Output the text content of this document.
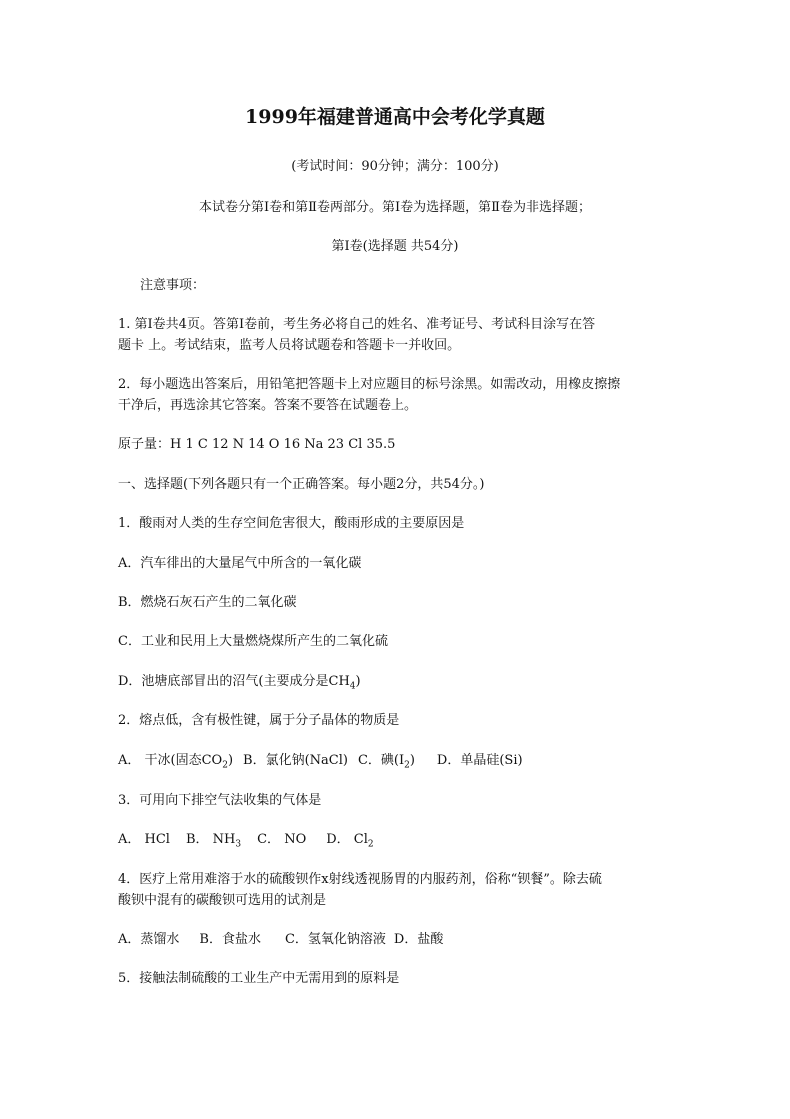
1999年福建普通高中会考化学真题
(考试时间：90分钟；满分：100分)
本试卷分第Ⅰ卷和第Ⅱ卷两部分。第Ⅰ卷为选择题，第Ⅱ卷为非选择题；
第Ⅰ卷(选择题 共54分)
注意事项：
1. 第Ⅰ卷共4页。答第Ⅰ卷前，考生务必将自己的姓名、准考证号、考试科目涂写在答
题卡 上。考试结束，监考人员将试题卷和答题卡一并收回。
2．每小题选出答案后，用铅笔把答题卡上对应题目的标号涂黑。如需改动，用橡皮擦擦
干净后，再选涂其它答案。答案不要答在试题卷上。
原子量：H 1 C 12 N 14 O 16 Na 23 Cl 35.5
一、选择题(下列各题只有一个正确答案。每小题2分，共54分。)
1．酸雨对人类的生存空间危害很大，酸雨形成的主要原因是
A．汽车徘出的大量尾气中所含的一氧化碳
B．燃烧石灰石产生的二氧化碳
C．工业和民用上大量燃烧煤所产生的二氧化硫
D．池塘底部冒出的沼气(主要成分是$CH_4$)
2．熔点低，含有极性键，属于分子晶体的物质是
A． 干冰(固态$CO_2$) B．氯化钠(NaCl) C．碘$(I_2)$ D．单晶硅(Si)
3．可用向下排空气法收集的气体是
A． HCl B． $NH_3$ C． NO D． $Cl_2$
4．医疗上常用难溶于水的硫酸钡作x射线透视肠胃的内服药剂，俗称“钡餐”。除去硫
酸钡中混有的碳酸钡可选用的试剂是
A．蒸馏水 B．食盐水 C．氢氧化钠溶液 D．盐酸
5．接触法制硫酸的工业生产中无需用到的原料是
